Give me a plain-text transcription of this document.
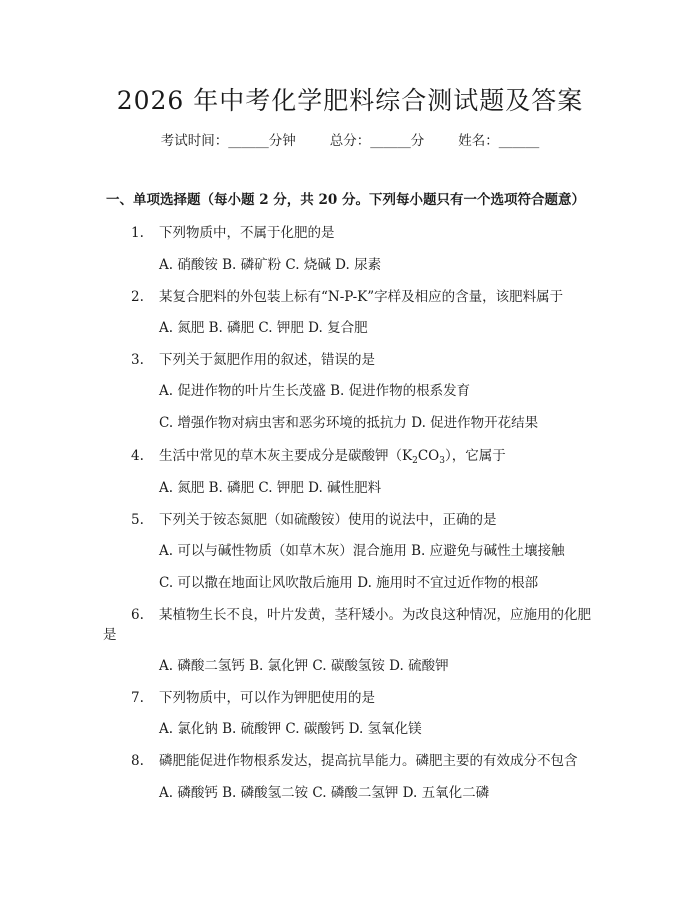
2026 年中考化学肥料综合测试题及答案
考试时间：______分钟	总分：______分	姓名：______
一、单项选择题（每小题 2 分，共 20 分。下列每小题只有一个选项符合题意）
1. 下列物质中，不属于化肥的是
A. 硝酸铵 B. 磷矿粉 C. 烧碱 D. 尿素
2. 某复合肥料的外包装上标有“N-P-K”字样及相应的含量，该肥料属于
A. 氮肥 B. 磷肥 C. 钾肥 D. 复合肥
3. 下列关于氮肥作用的叙述，错误的是
A. 促进作物的叶片生长茂盛 B. 促进作物的根系发育
C. 增强作物对病虫害和恶劣环境的抵抗力 D. 促进作物开花结果
4. 生活中常见的草木灰主要成分是碳酸钾$(K_2CO_3)$，它属于
A. 氮肥 B. 磷肥 C. 钾肥 D. 碱性肥料
5. 下列关于铵态氮肥（如硫酸铵）使用的说法中，正确的是
A. 可以与碱性物质（如草木灰）混合施用 B. 应避免与碱性土壤接触
C. 可以撒在地面让风吹散后施用 D. 施用时不宜过近作物的根部
6. 某植物生长不良，叶片发黄，茎秆矮小。为改良这种情况，应施用的化肥
是
A. 磷酸二氢钙 B. 氯化钾 C. 碳酸氢铵 D. 硫酸钾
7. 下列物质中，可以作为钾肥使用的是
A. 氯化钠 B. 硫酸钾 C. 碳酸钙 D. 氢氧化镁
8. 磷肥能促进作物根系发达，提高抗旱能力。磷肥主要的有效成分不包含
A. 磷酸钙 B. 磷酸氢二铵 C. 磷酸二氢钾 D. 五氧化二磷
